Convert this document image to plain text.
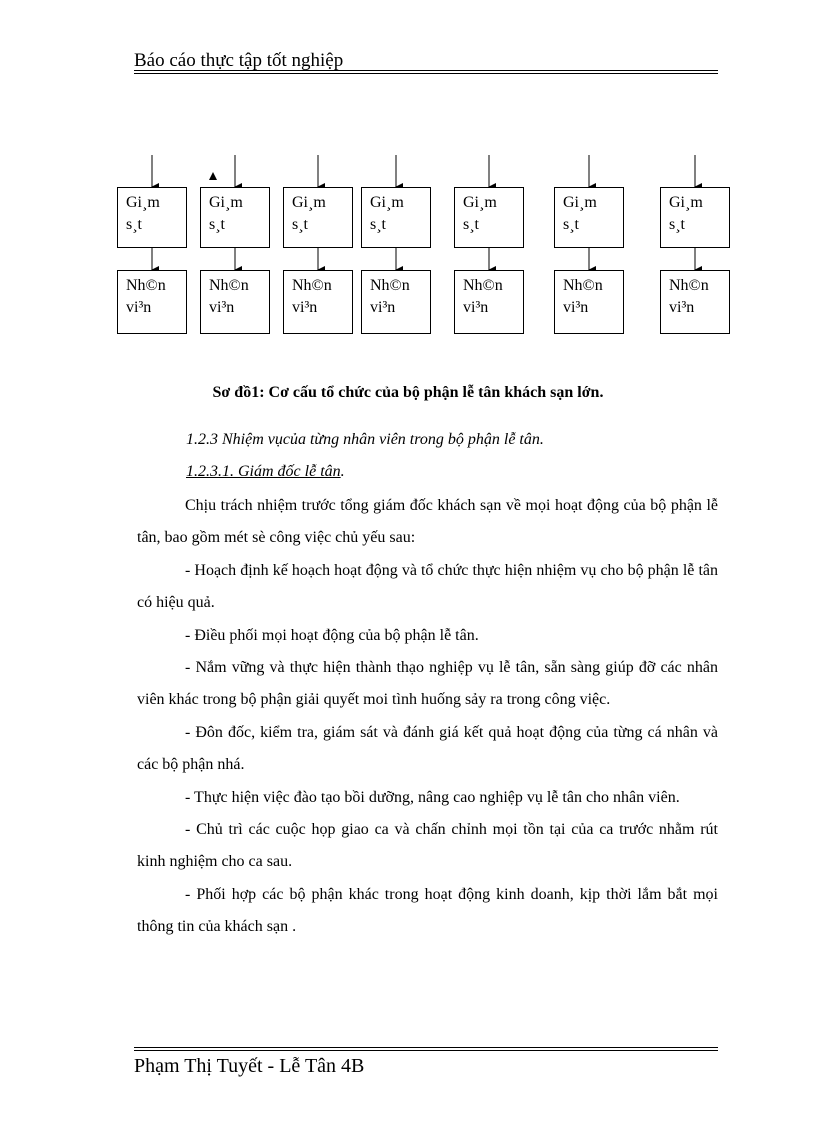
Báo cáo thực tập tốt nghiệp
Gi¸m
s¸t
Nh©n
vi³n
Gi¸m
s¸t
Nh©n
vi³n
Gi¸m
s¸t
Nh©n
vi³n
Gi¸m
s¸t
Nh©n
vi³n
Gi¸m
s¸t
Nh©n
vi³n
Gi¸m
s¸t
Nh©n
vi³n
Gi¸m
s¸t
Nh©n
vi³n
Sơ đồ1: Cơ cấu tổ chức của bộ phận lễ tân khách sạn lớn.
1.2.3 Nhiệm vụcủa từng nhân viên trong bộ phận lễ tân.
1.2.3.1. Giám đốc lễ tân.

Chịu trách nhiệm trước tổng giám đốc khách sạn về mọi hoạt động của bộ phận lễ tân, bao gồm mét sè công việc chủ yếu sau:

- Hoạch định kế hoạch hoạt động và tổ chức thực hiện nhiệm vụ cho bộ phận lễ tân có hiệu quả.

- Điều phối mọi hoạt động của bộ phận lễ tân.

- Nắm vững và thực hiện thành thạo nghiệp vụ lễ tân, sẵn sàng giúp đỡ các nhân viên khác trong bộ phận giải quyết moi tình huống sảy ra trong công việc.

- Đôn đốc, kiểm tra, giám sát và đánh giá kết quả hoạt động của từng cá nhân và các bộ phận nhá.

- Thực hiện việc đào tạo bồi dưỡng, nâng cao nghiệp vụ lễ tân cho nhân viên.

- Chủ trì các cuộc họp giao ca và chấn chỉnh mọi tồn tại của ca trước nhằm rút kinh nghiệm cho ca sau.

- Phối hợp các bộ phận khác trong hoạt động kinh doanh, kịp thời lắm bắt mọi thông tin của khách sạn .

Phạm Thị Tuyết - Lễ Tân 4B
